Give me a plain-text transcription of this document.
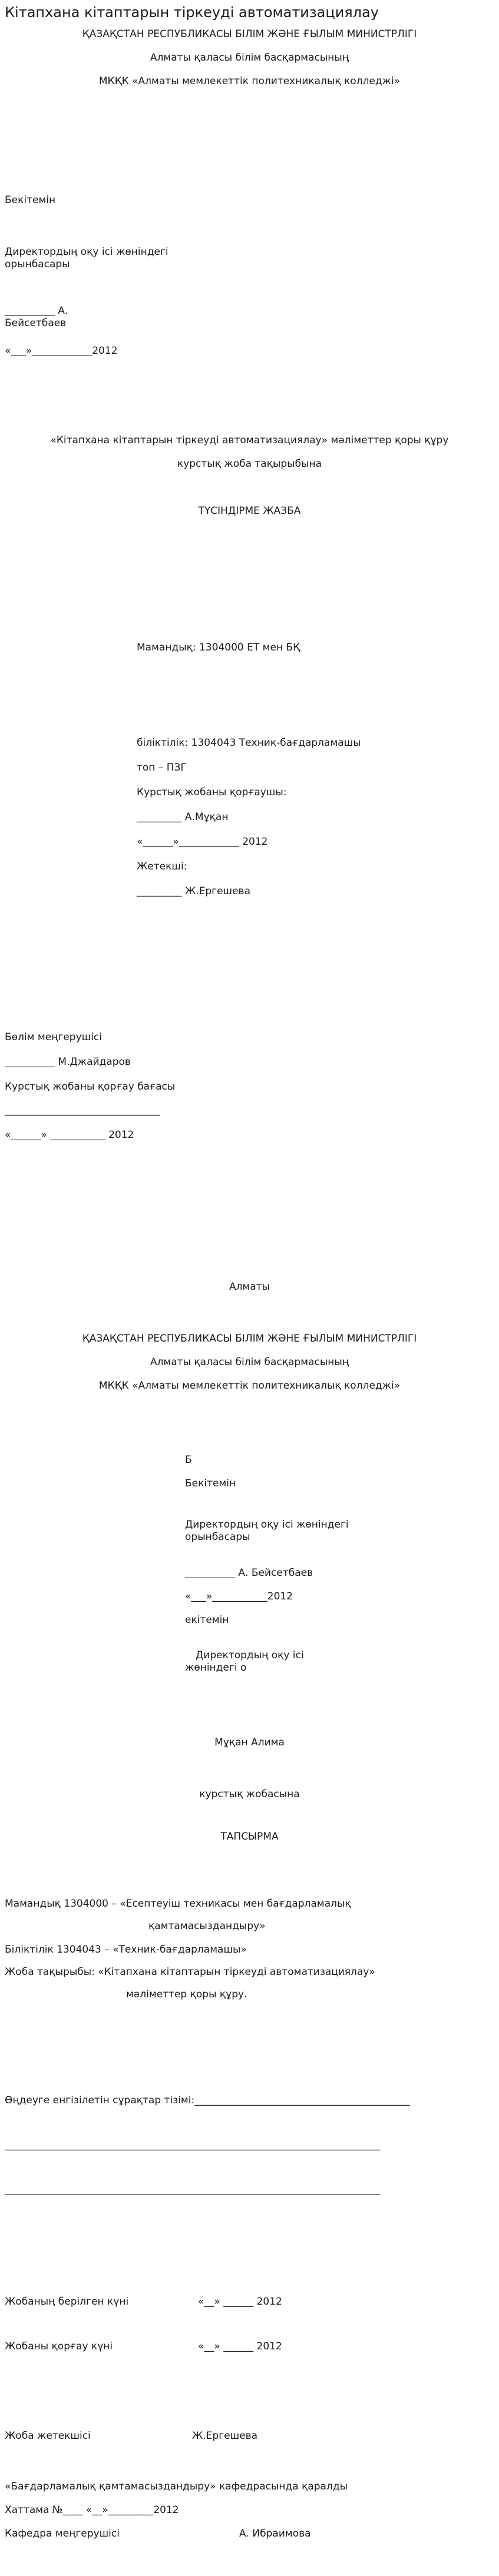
Кітапхана кітаптарын тіркеуді автоматизациялау
ҚАЗАҚСТАН РЕСПУБЛИКАСЫ БІЛІМ ЖӘНЕ ҒЫЛЫМ МИНИСТРЛІГІ
Алматы қаласы білім басқармасының
МКҚК «Алматы мемлекеттік политехникалық колледжі»
Бекітемін
Директордың оқу ісі жөніндегі орынбасары
__________ А. Бейсетбаев
«___»____________2012
«Кітапхана кітаптарын тіркеуді автоматизациялау» мәліметтер қоры құру
курстық жоба тақырыбына
ТҮСІНДІРМЕ ЖАЗБА
Мамандық: 1304000 ЕТ мен БҚ
біліктілік: 1304043 Техник-бағдарламашы
топ – ПЗГ
Курстық жобаны қорғаушы:
_________ А.Мұқан
«______»____________ 2012
Жетекші:
_________ Ж.Ергешева
Бөлім меңгерушісі
__________ М.Джайдаров
Курстық жобаны қорғау бағасы
_______________________________
«______» ___________ 2012
Алматы
ҚАЗАҚСТАН РЕСПУБЛИКАСЫ БІЛІМ ЖӘНЕ ҒЫЛЫМ МИНИСТРЛІГІ
Алматы қаласы білім басқармасының
МКҚК «Алматы мемлекеттік политехникалық колледжі»
Б
Бекітемін
Директордың оқу ісі жөніндегі орынбасары
__________ А. Бейсетбаев
«___»___________2012
екітемін
Директордың оқу ісі жөніндегі о
Мұқан Алима
курстық жобасына
ТАПСЫРМА
Мамандық 1304000 – «Есептеуіш техникасы мен бағдарламалық
қамтамасыздандыру»
Біліктілік 1304043 – «Техник-бағдарламашы»
Жоба тақырыбы: «Кітапхана кітаптарын тіркеуді автоматизациялау»
мәліметтер қоры құру.
Өңдеуге енгізілетін сұрақтар тізімі:___________________________________________
___________________________________________________________________________
___________________________________________________________________________
Жобаның берілген күні	«__» ______ 2012
Жобаны қорғау күні	«__» ______ 2012
Жоба жетекшісі	Ж.Ергешева
«Бағдарламалық қамтамасыздандыру» кафедрасында қаралды
Хаттама №____ «__»_________2012
Кафедра меңгерушісі	А. Ибраимова
